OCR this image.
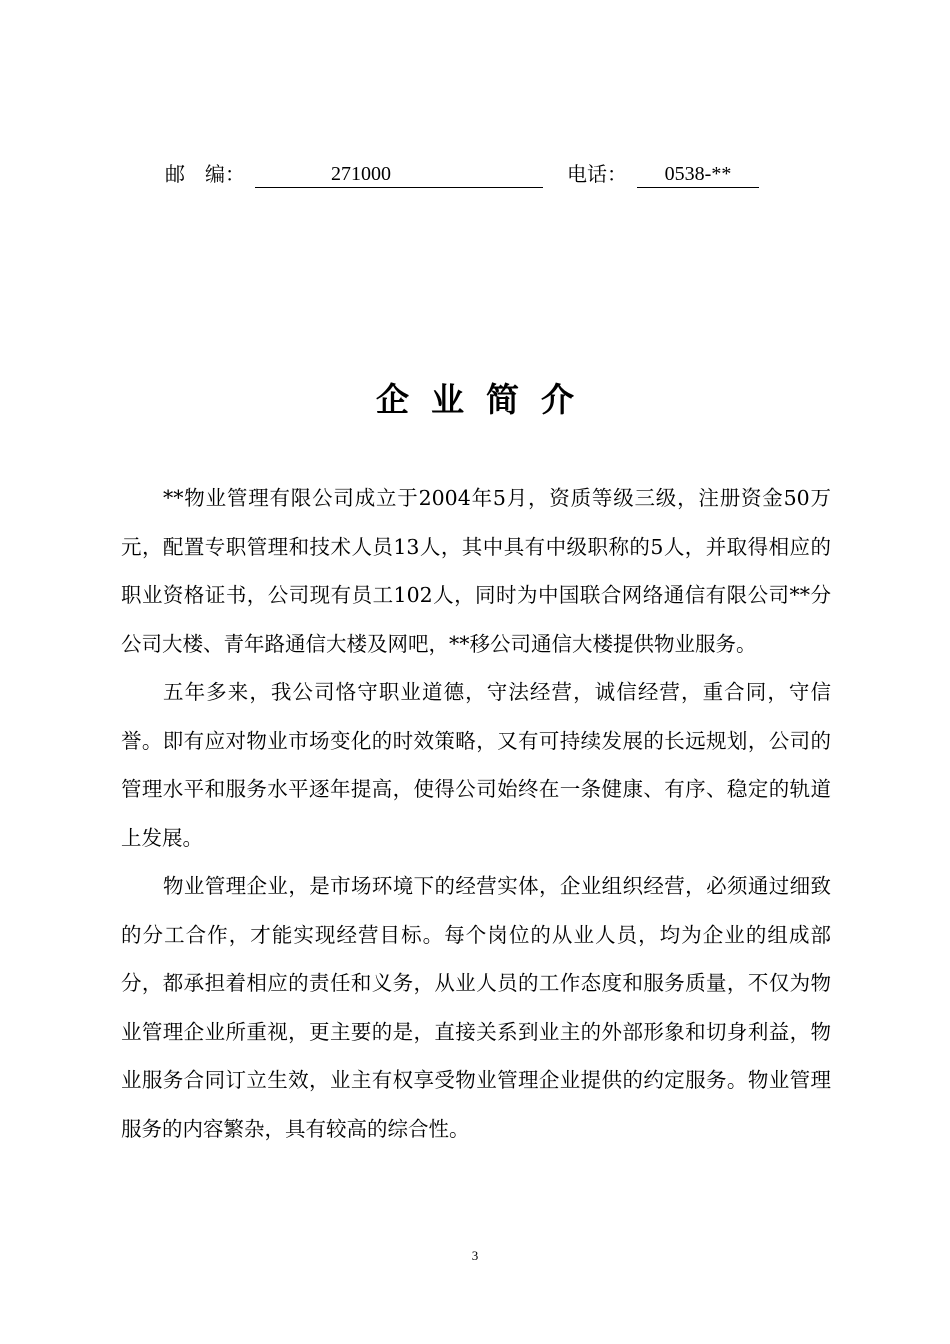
邮　编：	271000	电话：	0538-**
企业简介

**物业管理有限公司成立于2004年5月，资质等级三级，注册资金50万元，配置专职管理和技术人员13人，其中具有中级职称的5人，并取得相应的职业资格证书，公司现有员工102人，同时为中国联合网络通信有限公司**分公司大楼、青年路通信大楼及网吧，**移公司通信大楼提供物业服务。

五年多来，我公司恪守职业道德，守法经营，诚信经营，重合同，守信誉。即有应对物业市场变化的时效策略，又有可持续发展的长远规划，公司的管理水平和服务水平逐年提高，使得公司始终在一条健康、有序、稳定的轨道上发展。

物业管理企业，是市场环境下的经营实体，企业组织经营，必须通过细致的分工合作，才能实现经营目标。每个岗位的从业人员，均为企业的组成部分，都承担着相应的责任和义务，从业人员的工作态度和服务质量，不仅为物业管理企业所重视，更主要的是，直接关系到业主的外部形象和切身利益，物业服务合同订立生效，业主有权享受物业管理企业提供的约定服务。物业管理服务的内容繁杂，具有较高的综合性。

3
